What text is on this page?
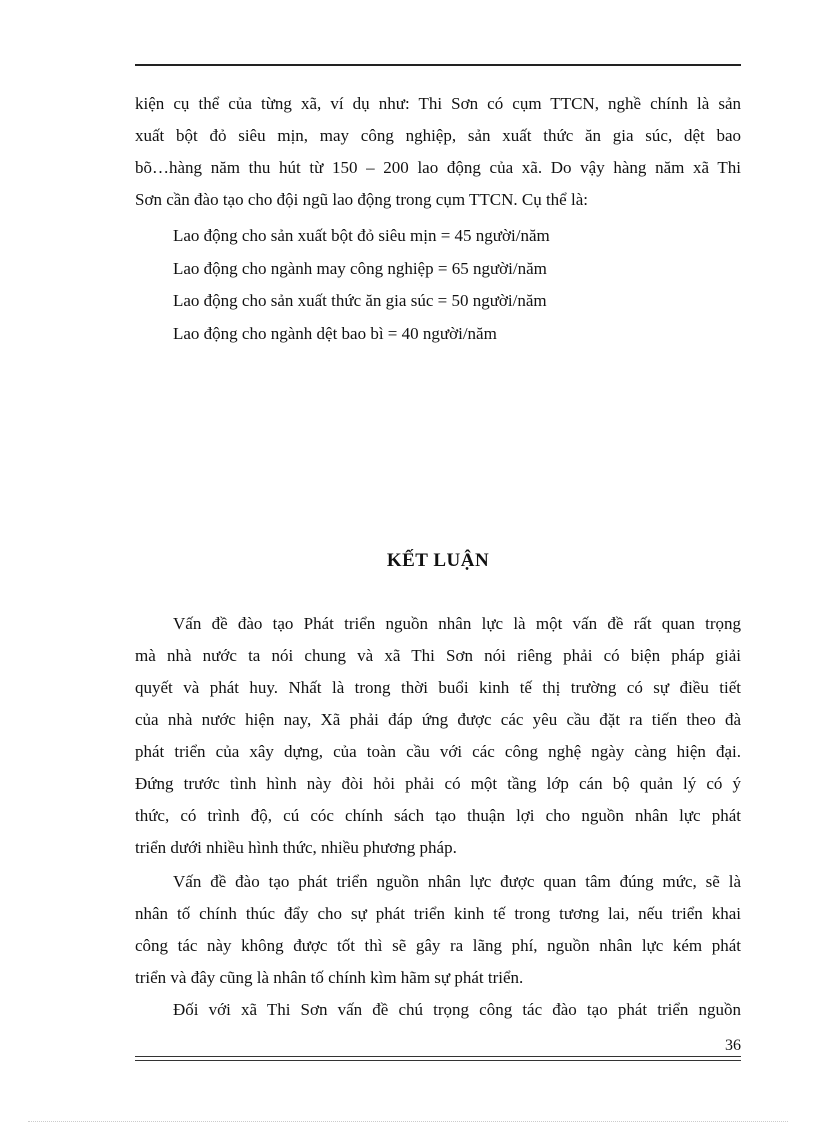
kiện cụ thể của từng xã, ví dụ như: Thi Sơn có cụm TTCN, nghề chính là sản
xuất bột đỏ siêu mịn, may công nghiệp, sản xuất thức ăn gia súc, dệt bao
bõ…hàng năm thu hút từ 150 – 200 lao động của xã. Do vậy hàng năm xã Thi
Sơn cần đào tạo cho đội ngũ lao động trong cụm TTCN. Cụ thể là:
Lao động cho sản xuất bột đỏ siêu mịn = 45 người/năm
Lao động cho ngành may công nghiệp = 65 người/năm
Lao động cho sản xuất thức ăn gia súc = 50 người/năm
Lao động cho ngành dệt bao bì = 40 người/năm
KẾT LUẬN
Vấn đề đào tạo Phát triển nguồn nhân lực là một vấn đề rất quan trọng
mà nhà nước ta nói chung và xã Thi Sơn nói riêng phải có biện pháp giải
quyết và phát huy. Nhất là trong thời buổi kinh tế thị trường có sự điều tiết
của nhà nước hiện nay, Xã phải đáp ứng được các yêu cầu đặt ra tiến theo đà
phát triển của xây dựng, của toàn cầu với các công nghệ ngày càng hiện đại.
Đứng trước tình hình này đòi hỏi phải có một tầng lớp cán bộ quản lý có ý
thức, có trình độ, cú cóc chính sách tạo thuận lợi cho nguồn nhân lực phát
triển dưới nhiều hình thức, nhiều phương pháp.
Vấn đề đào tạo phát triển nguồn nhân lực được quan tâm đúng mức, sẽ là
nhân tố chính thúc đẩy cho sự phát triển kinh tế trong tương lai, nếu triển khai
công tác này không được tốt thì sẽ gây ra lãng phí, nguồn nhân lực kém phát
triển và đây cũng là nhân tố chính kìm hãm sự phát triển.
Đối với xã Thi Sơn vấn đề chú trọng công tác đào tạo phát triển nguồn
36
